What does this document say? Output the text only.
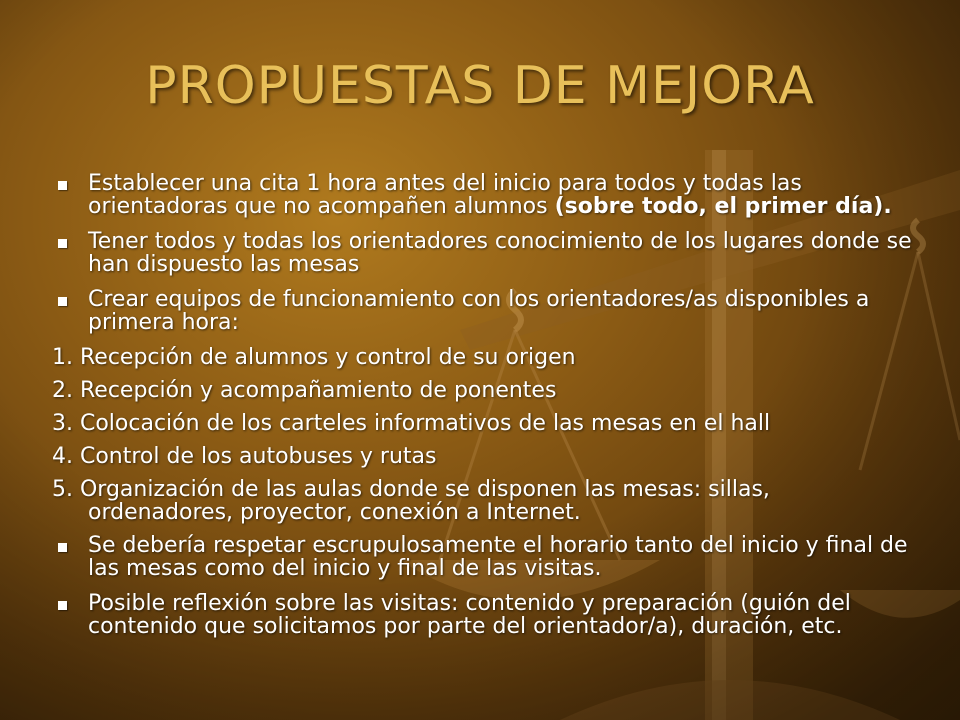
PROPUESTAS DE MEJORA
Establecer una cita 1 hora antes del inicio para todos y todas las orientadoras que no acompañen alumnos (sobre todo, el primer día).
Tener todos y todas los orientadores conocimiento de los lugares donde se han dispuesto las mesas
Crear equipos de funcionamiento con los orientadores/as disponibles a primera hora:
1. Recepción de alumnos y control de su origen
2. Recepción y acompañamiento de ponentes
3. Colocación de los carteles informativos de las mesas en el hall
4. Control de los autobuses y rutas
5. Organización de las aulas donde se disponen las mesas: sillas, ordenadores, proyector, conexión a Internet.
Se debería respetar escrupulosamente el horario tanto del inicio y final de las mesas como del inicio y final de las visitas.
Posible reflexión sobre las visitas: contenido y preparación (guión del contenido que solicitamos por parte del orientador/a), duración, etc.
